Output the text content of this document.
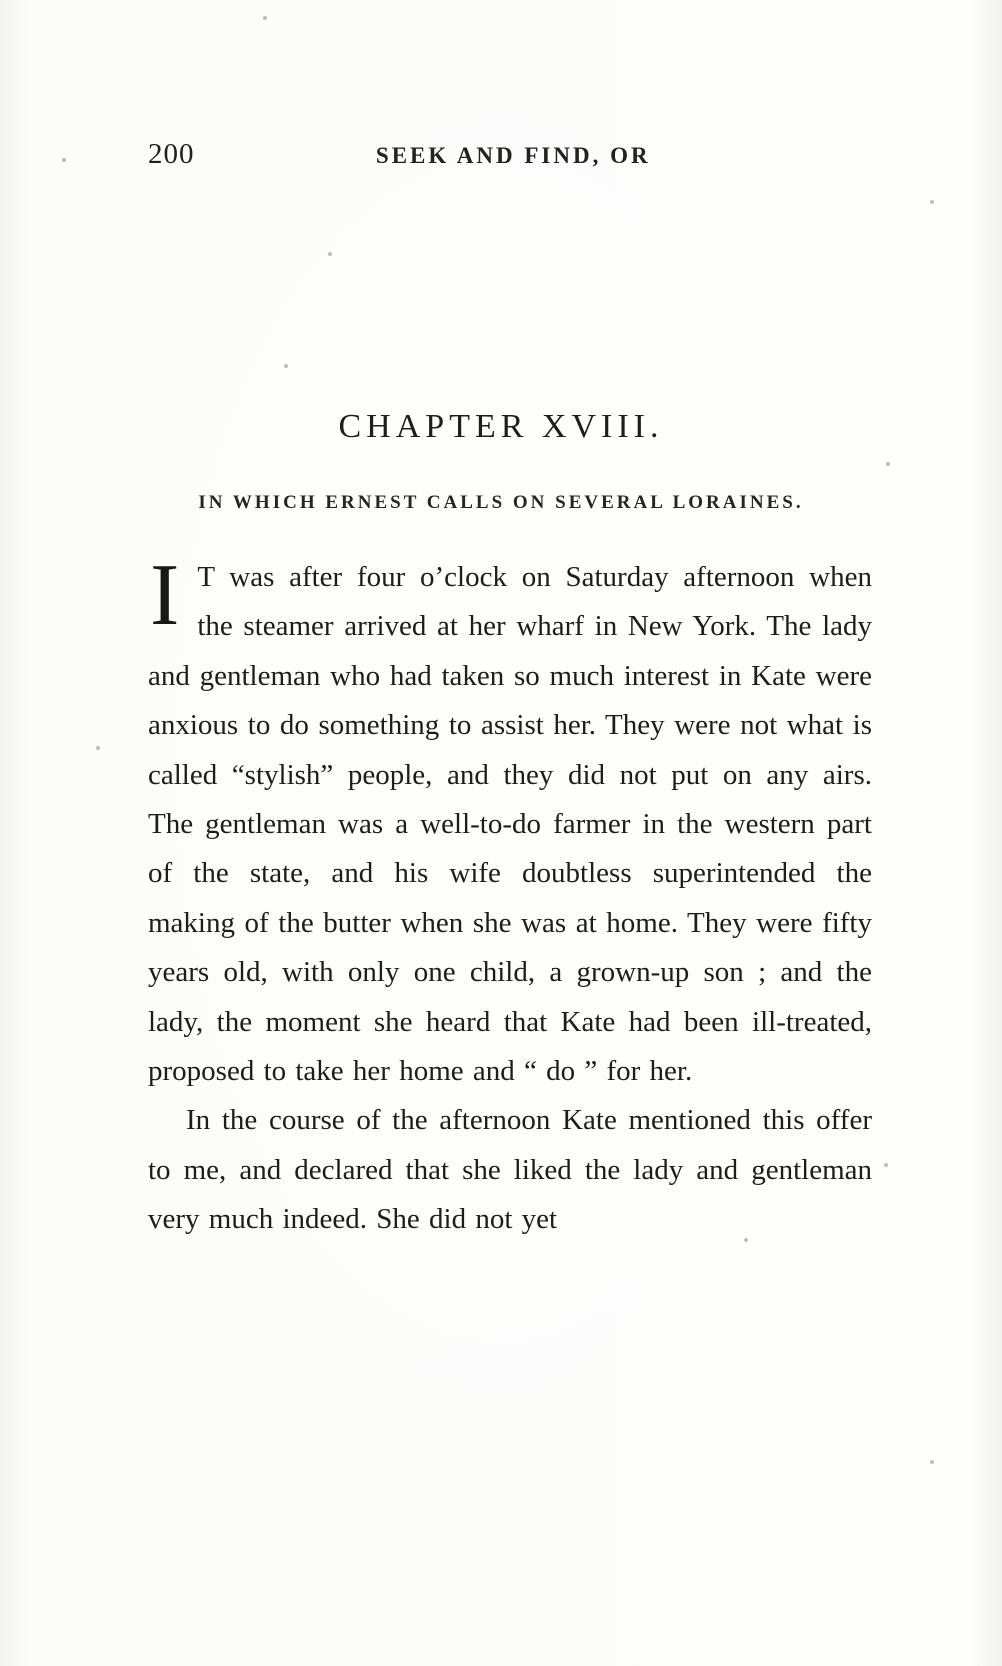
200	SEEK AND FIND, OR
CHAPTER XVIII.
IN WHICH ERNEST CALLS ON SEVERAL LORAINES.

I T was after four o’clock on Saturday afternoon when the steamer arrived at her wharf in New York. The lady and gentleman who had taken so much interest in Kate were anxious to do something to assist her. They were not what is called “stylish” people, and they did not put on any airs. The gentleman was a well-to-do farmer in the western part of the state, and his wife doubtless superintended the making of the butter when she was at home. They were fifty years old, with only one child, a grown-up son ; and the lady, the moment she heard that Kate had been ill-treated, proposed to take her home and “ do ” for her.

In the course of the afternoon Kate mentioned this offer to me, and declared that she liked the lady and gentleman very much indeed. She did not yet
